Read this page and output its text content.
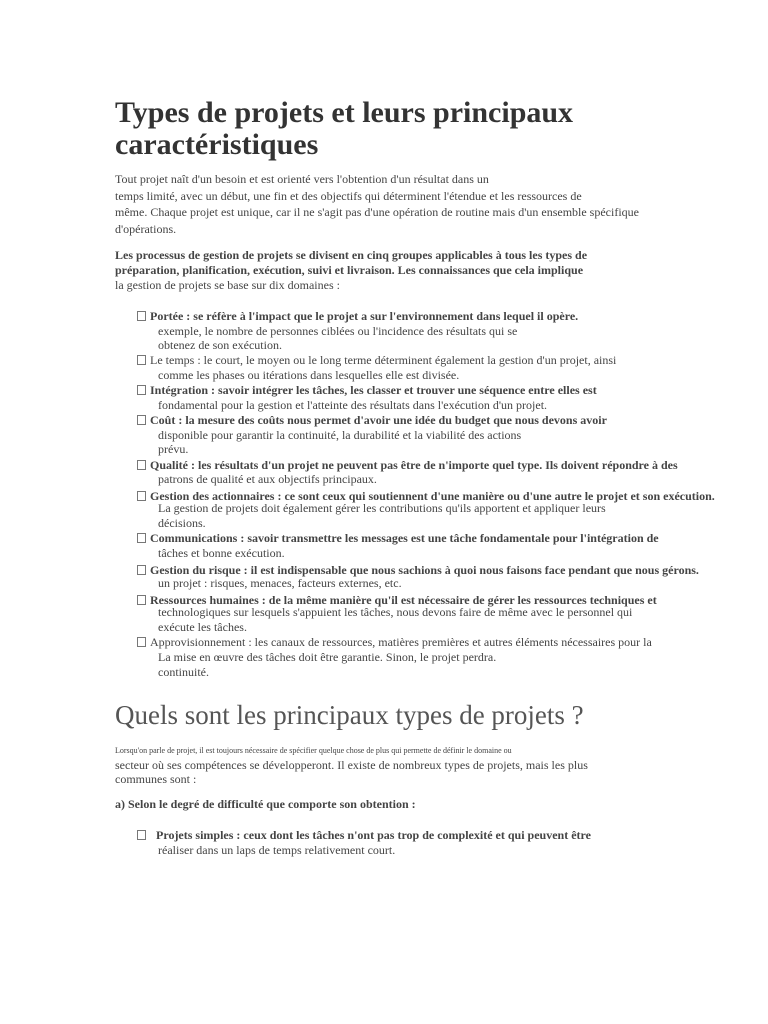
Types de projets et leurs principaux
caractéristiques
Tout projet naît d'un besoin et est orienté vers l'obtention d'un résultat dans un
temps limité, avec un début, une fin et des objectifs qui déterminent l'étendue et les ressources de
même. Chaque projet est unique, car il ne s'agit pas d'une opération de routine mais d'un ensemble spécifique
d'opérations.
Les processus de gestion de projets se divisent en cinq groupes applicables à tous les types de
préparation, planification, exécution, suivi et livraison. Les connaissances que cela implique
la gestion de projets se base sur dix domaines :
Portée : se réfère à l'impact que le projet a sur l'environnement dans lequel il opère.
exemple, le nombre de personnes ciblées ou l'incidence des résultats qui se
obtenez de son exécution.
Le temps : le court, le moyen ou le long terme déterminent également la gestion d'un projet, ainsi
comme les phases ou itérations dans lesquelles elle est divisée.
Intégration : savoir intégrer les tâches, les classer et trouver une séquence entre elles est
fondamental pour la gestion et l'atteinte des résultats dans l'exécution d'un projet.
Coût : la mesure des coûts nous permet d'avoir une idée du budget que nous devons avoir
disponible pour garantir la continuité, la durabilité et la viabilité des actions
prévu.
Qualité : les résultats d'un projet ne peuvent pas être de n'importe quel type. Ils doivent répondre à des
patrons de qualité et aux objectifs principaux.
Gestion des actionnaires : ce sont ceux qui soutiennent d'une manière ou d'une autre le projet et son exécution.
La gestion de projets doit également gérer les contributions qu'ils apportent et appliquer leurs
décisions.
Communications : savoir transmettre les messages est une tâche fondamentale pour l'intégration de
tâches et bonne exécution.
Gestion du risque : il est indispensable que nous sachions à quoi nous faisons face pendant que nous gérons.
un projet : risques, menaces, facteurs externes, etc.
Ressources humaines : de la même manière qu'il est nécessaire de gérer les ressources techniques et
technologiques sur lesquels s'appuient les tâches, nous devons faire de même avec le personnel qui
exécute les tâches.
Approvisionnement : les canaux de ressources, matières premières et autres éléments nécessaires pour la
La mise en œuvre des tâches doit être garantie. Sinon, le projet perdra.
continuité.
Quels sont les principaux types de projets ?
Lorsqu'on parle de projet, il est toujours nécessaire de spécifier quelque chose de plus qui permette de définir le domaine ou
secteur où ses compétences se développeront. Il existe de nombreux types de projets, mais les plus
communes sont :
a) Selon le degré de difficulté que comporte son obtention :
Projets simples : ceux dont les tâches n'ont pas trop de complexité et qui peuvent être
réaliser dans un laps de temps relativement court.
